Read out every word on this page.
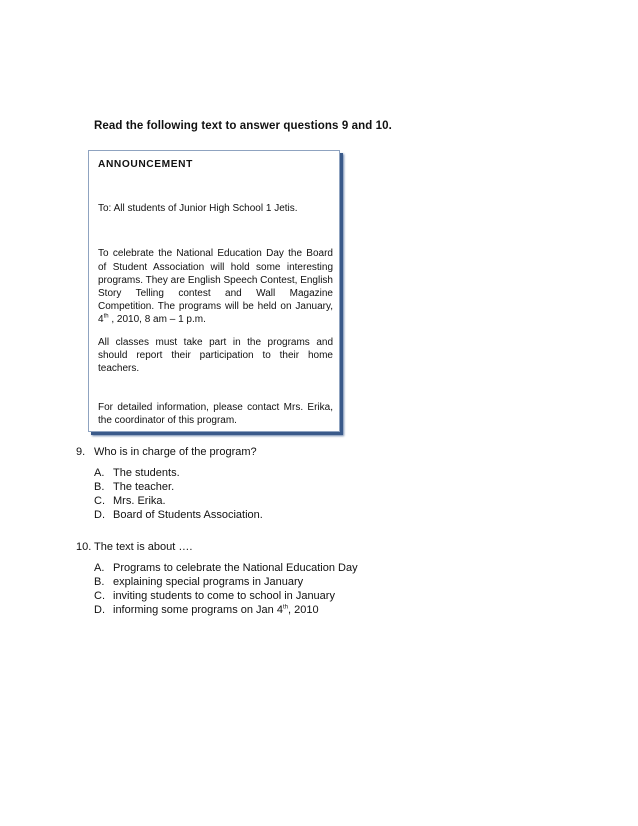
Read the following text to answer questions 9 and 10.
ANNOUNCEMENT
To: All students of Junior High School 1 Jetis.

To celebrate the National Education Day the Board of Student Association will hold some interesting programs. They are English Speech Contest, English Story Telling contest and Wall Magazine Competition. The programs will be held on January, 4th , 2010, 8 am – 1 p.m.

All classes must take part in the programs and should report their participation to their home teachers.

For detailed information, please contact Mrs. Erika, the coordinator of this program.

9. Who is in charge of the program?
A. The students.
B. The teacher.
C. Mrs. Erika.
D. Board of Students Association.
10. The text is about ….
A. Programs to celebrate the National Education Day
B. explaining special programs in January
C. inviting students to come to school in January
D. informing some programs on Jan 4th, 2010
